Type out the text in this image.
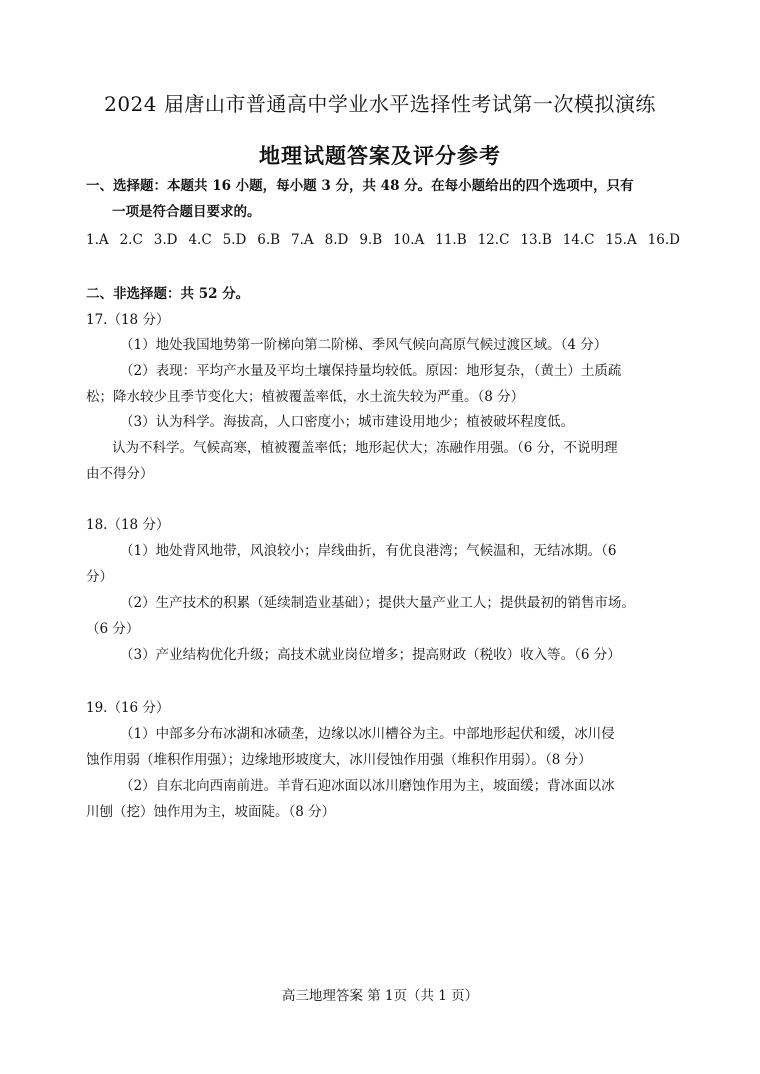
2024 届唐山市普通高中学业水平选择性考试第一次模拟演练
地理试题答案及评分参考
一、选择题：本题共 16 小题，每小题 3 分，共 48 分。在每小题给出的四个选项中，只有
一项是符合题目要求的。
1.A 2.C 3.D 4.C 5.D 6.B 7.A 8.D 9.B 10.A 11.B 12.C 13.B 14.C 15.A 16.D
二、非选择题：共 52 分。
17.（18 分）
（1）地处我国地势第一阶梯向第二阶梯、季风气候向高原气候过渡区域。（4 分）
（2）表现：平均产水量及平均土壤保持量均较低。原因：地形复杂，（黄土）土质疏
松；降水较少且季节变化大；植被覆盖率低，水土流失较为严重。（8 分）
（3）认为科学。海拔高，人口密度小；城市建设用地少；植被破坏程度低。
认为不科学。气候高寒，植被覆盖率低；地形起伏大；冻融作用强。（6 分，不说明理
由不得分）
18.（18 分）
（1）地处背风地带，风浪较小；岸线曲折，有优良港湾；气候温和，无结冰期。（6
分）
（2）生产技术的积累（延续制造业基础）；提供大量产业工人；提供最初的销售市场。
（6 分）
（3）产业结构优化升级；高技术就业岗位增多；提高财政（税收）收入等。（6 分）
19.（16 分）
（1）中部多分布冰湖和冰碛垄，边缘以冰川槽谷为主。中部地形起伏和缓，冰川侵
蚀作用弱（堆积作用强）；边缘地形坡度大，冰川侵蚀作用强（堆积作用弱）。（8 分）
（2）自东北向西南前进。羊背石迎冰面以冰川磨蚀作用为主，坡面缓；背冰面以冰
川刨（挖）蚀作用为主，坡面陡。（8 分）
高三地理答案 第 1页（共 1 页）
